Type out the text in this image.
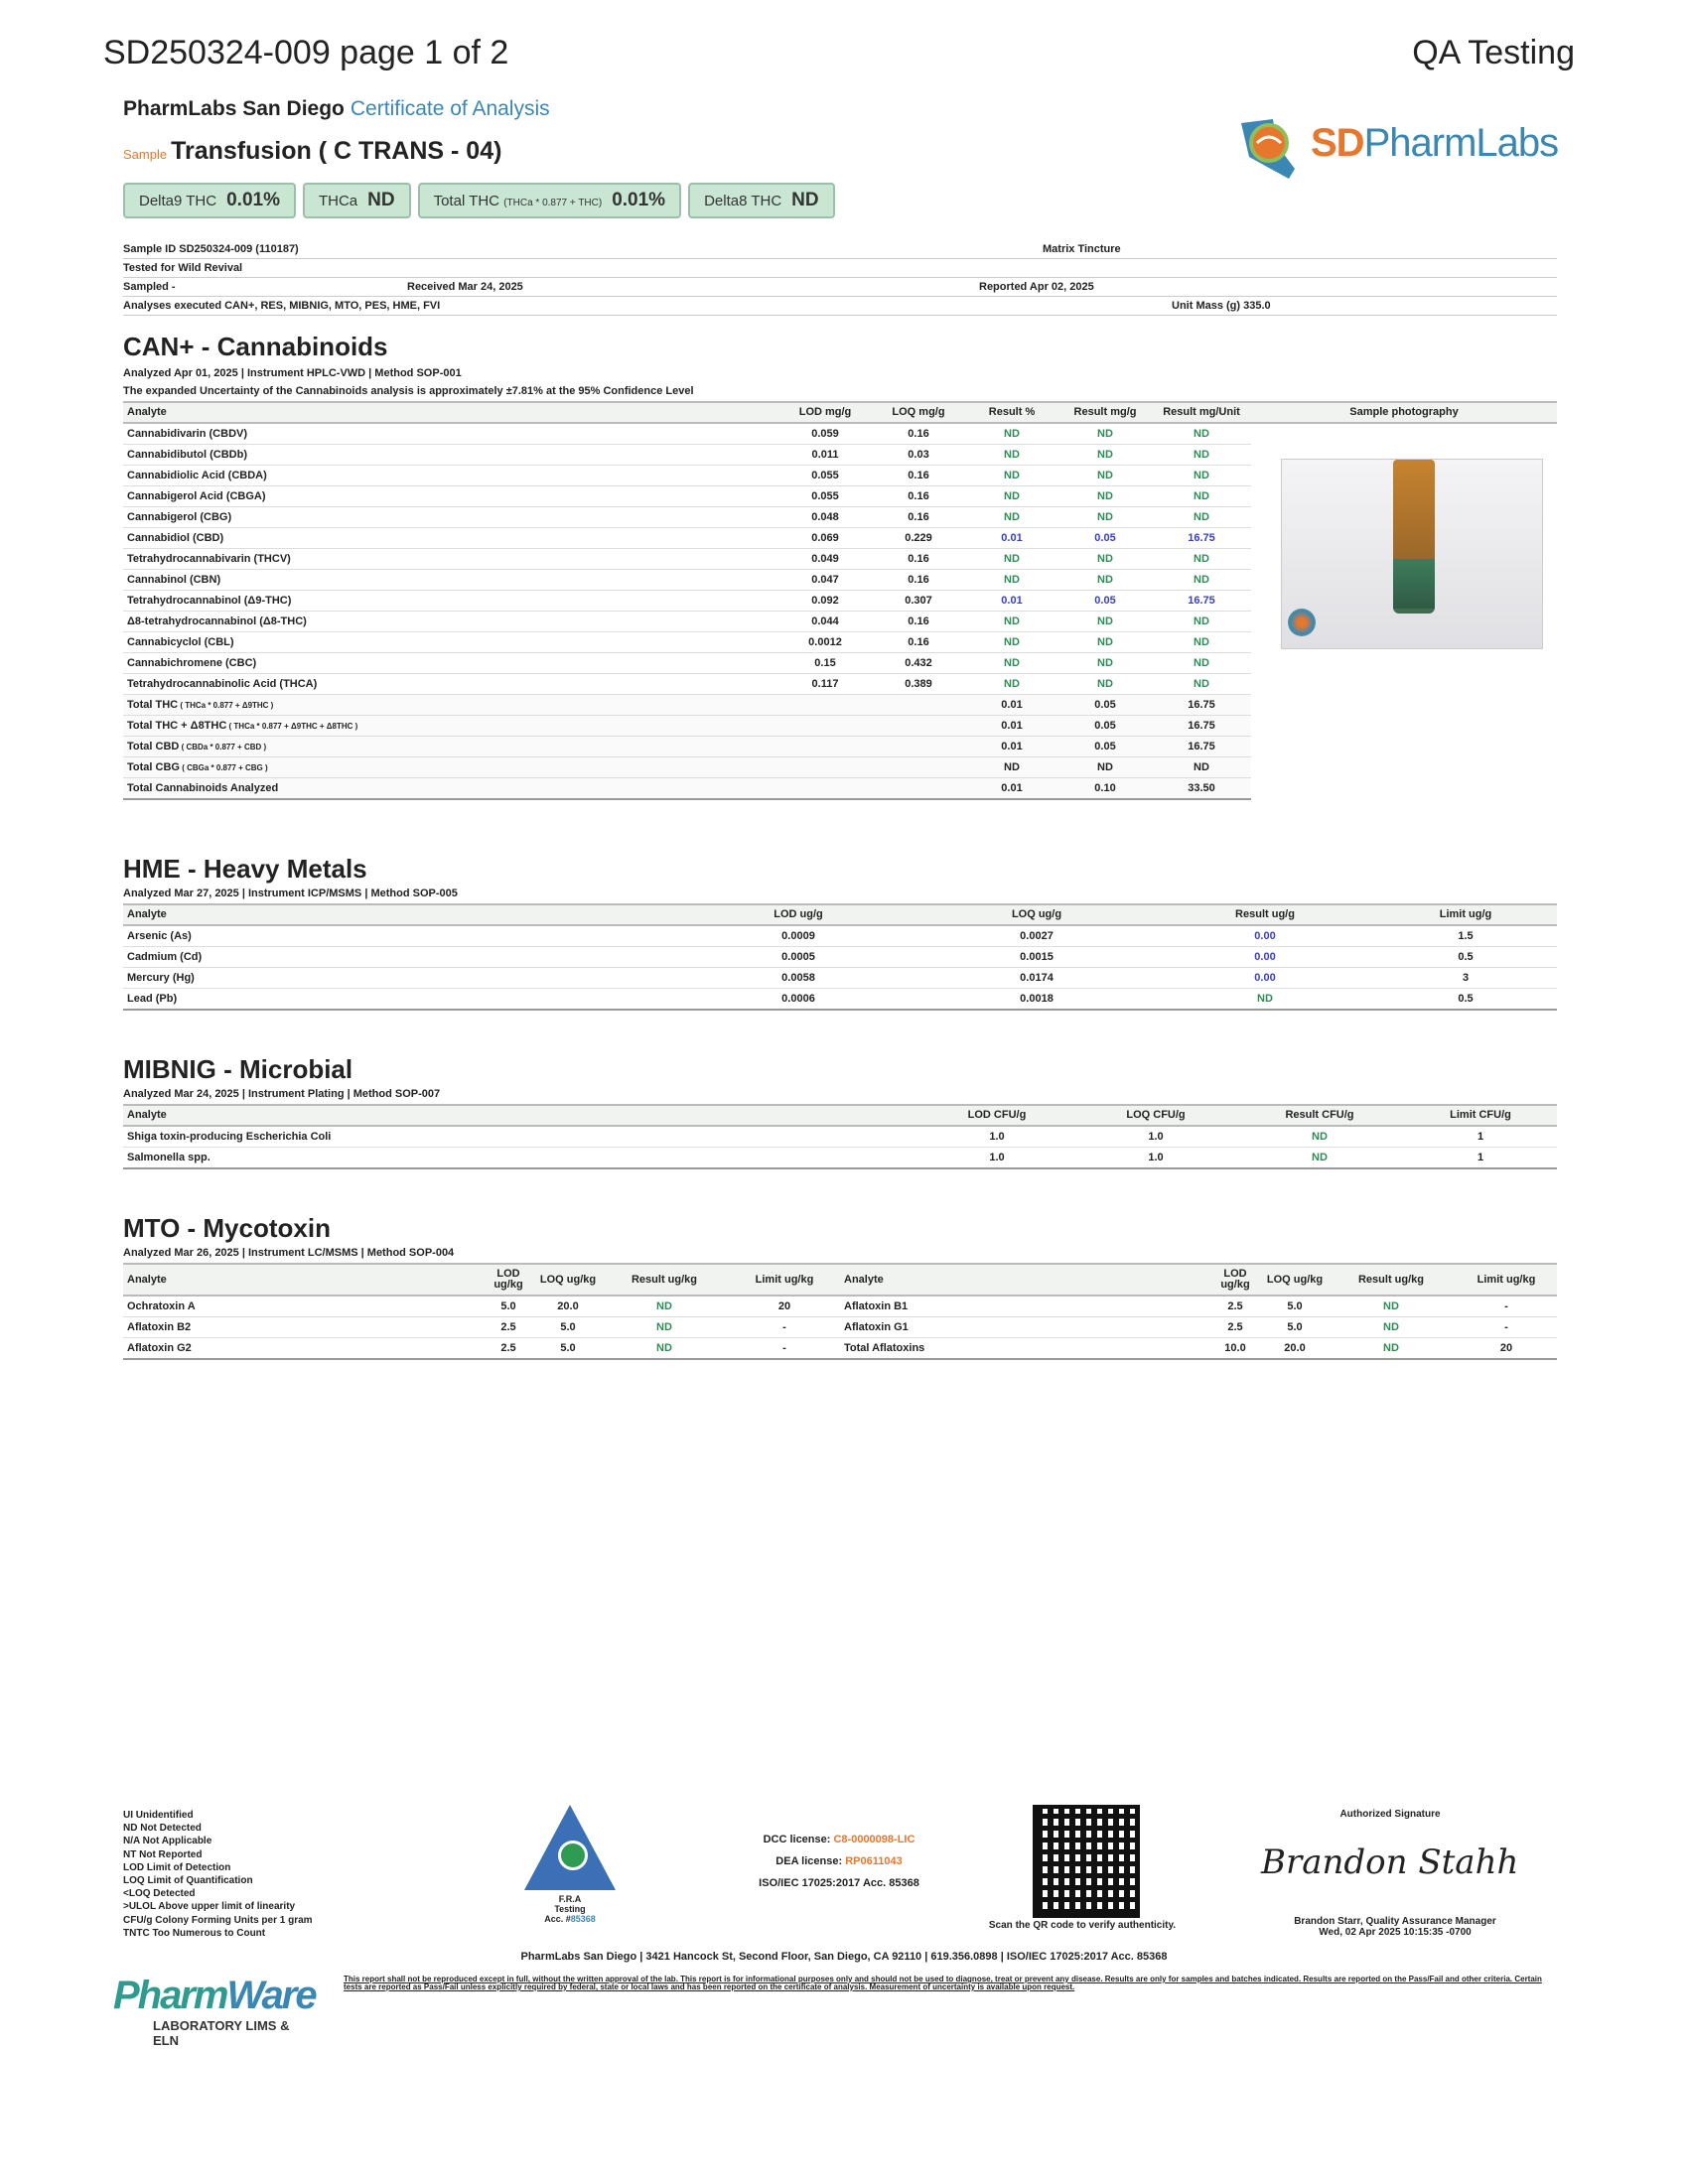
SD250324-009 page 1 of 2	QA Testing
PharmLabs San Diego Certificate of Analysis
Sample Transfusion ( C TRANS - 04)	SDPharmLabs
Delta9 THC 0.01%	THCa ND	Total THC (THCa * 0.877 + THC) 0.01%	Delta8 THC ND
Sample ID SD250324-009 (110187)	Matrix Tincture
Tested for Wild Revival
Sampled -	Received Mar 24, 2025	Reported Apr 02, 2025
Analyses executed CAN+, RES, MIBNIG, MTO, PES, HME, FVI	Unit Mass (g) 335.0
CAN+ - Cannabinoids
Analyzed Apr 01, 2025 | Instrument HPLC-VWD | Method SOP-001
The expanded Uncertainty of the Cannabinoids analysis is approximately ±7.81% at the 95% Confidence Level
Analyte	LOD mg/g	LOQ mg/g	Result %	Result mg/g	Result mg/Unit	Sample photography
Cannabidivarin (CBDV)	0.059	0.16	ND	ND	ND	
Cannabidibutol (CBDb)	0.011	0.03	ND	ND	ND	
Cannabidiolic Acid (CBDA)	0.055	0.16	ND	ND	ND	
Cannabigerol Acid (CBGA)	0.055	0.16	ND	ND	ND	
Cannabigerol (CBG)	0.048	0.16	ND	ND	ND	
Cannabidiol (CBD)	0.069	0.229	0.01	0.05	16.75	
Tetrahydrocannabivarin (THCV)	0.049	0.16	ND	ND	ND	
Cannabinol (CBN)	0.047	0.16	ND	ND	ND	
Tetrahydrocannabinol (Δ9-THC)	0.092	0.307	0.01	0.05	16.75	
Δ8-tetrahydrocannabinol (Δ8-THC)	0.044	0.16	ND	ND	ND	
Cannabicyclol (CBL)	0.0012	0.16	ND	ND	ND	
Cannabichromene (CBC)	0.15	0.432	ND	ND	ND	
Tetrahydrocannabinolic Acid (THCA)	0.117	0.389	ND	ND	ND	
Total THC ( THCa * 0.877 + Δ9THC )			0.01	0.05	16.75	
Total THC + Δ8THC ( THCa * 0.877 + Δ9THC + Δ8THC )			0.01	0.05	16.75	
Total CBD ( CBDa * 0.877 + CBD )			0.01	0.05	16.75	
Total CBG ( CBGa * 0.877 + CBG )			ND	ND	ND	
Total Cannabinoids Analyzed			0.01	0.10	33.50	
HME - Heavy Metals
Analyzed Mar 27, 2025 | Instrument ICP/MSMS | Method SOP-005
Analyte	LOD ug/g	LOQ ug/g	Result ug/g	Limit ug/g
Arsenic (As)	0.0009	0.0027	0.00	1.5
Cadmium (Cd)	0.0005	0.0015	0.00	0.5
Mercury (Hg)	0.0058	0.0174	0.00	3
Lead (Pb)	0.0006	0.0018	ND	0.5
MIBNIG - Microbial
Analyzed Mar 24, 2025 | Instrument Plating | Method SOP-007
Analyte	LOD CFU/g	LOQ CFU/g	Result CFU/g	Limit CFU/g
Shiga toxin-producing Escherichia Coli	1.0	1.0	ND	1
Salmonella spp.	1.0	1.0	ND	1
MTO - Mycotoxin
Analyzed Mar 26, 2025 | Instrument LC/MSMS | Method SOP-004
Analyte	LOD ug/kg	LOQ ug/kg	Result ug/kg	Limit ug/kg	Analyte	LOD ug/kg	LOQ ug/kg	Result ug/kg	Limit ug/kg
Ochratoxin A	5.0	20.0	ND	20	Aflatoxin B1	2.5	5.0	ND	-
Aflatoxin B2	2.5	5.0	ND	-	Aflatoxin G1	2.5	5.0	ND	-
Aflatoxin G2	2.5	5.0	ND	-	Total Aflatoxins	10.0	20.0	ND	20
UI Unidentified
ND Not Detected
N/A Not Applicable
NT Not Reported
LOD Limit of Detection
LOQ Limit of Quantification
<LOQ Detected
>ULOL Above upper limit of linearity
CFU/g Colony Forming Units per 1 gram
TNTC Too Numerous to Count
F.R.A
Testing
Acc. #85368
DCC license: C8-0000098-LIC
DEA license: RP0611043
ISO/IEC 17025:2017 Acc. 85368
Scan the QR code to verify authenticity.
Authorized Signature
Brandon Stahh
Brandon Starr, Quality Assurance Manager
Wed, 02 Apr 2025 10:15:35 -0700
PharmLabs San Diego | 3421 Hancock St, Second Floor, San Diego, CA 92110 | 619.356.0898 | ISO/IEC 17025:2017 Acc. 85368
PharmWare
LABORATORY LIMS & ELN
This report shall not be reproduced except in full, without the written approval of the lab. This report is for informational purposes only and should not be used to diagnose, treat or prevent any disease. Results are only for samples and batches indicated. Results are reported on the Pass/Fail and other criteria. Certain tests are reported as Pass/Fail unless explicitly required by federal, state or local laws and has been reported on the certificate of analysis. Measurement of uncertainty is available upon request.
